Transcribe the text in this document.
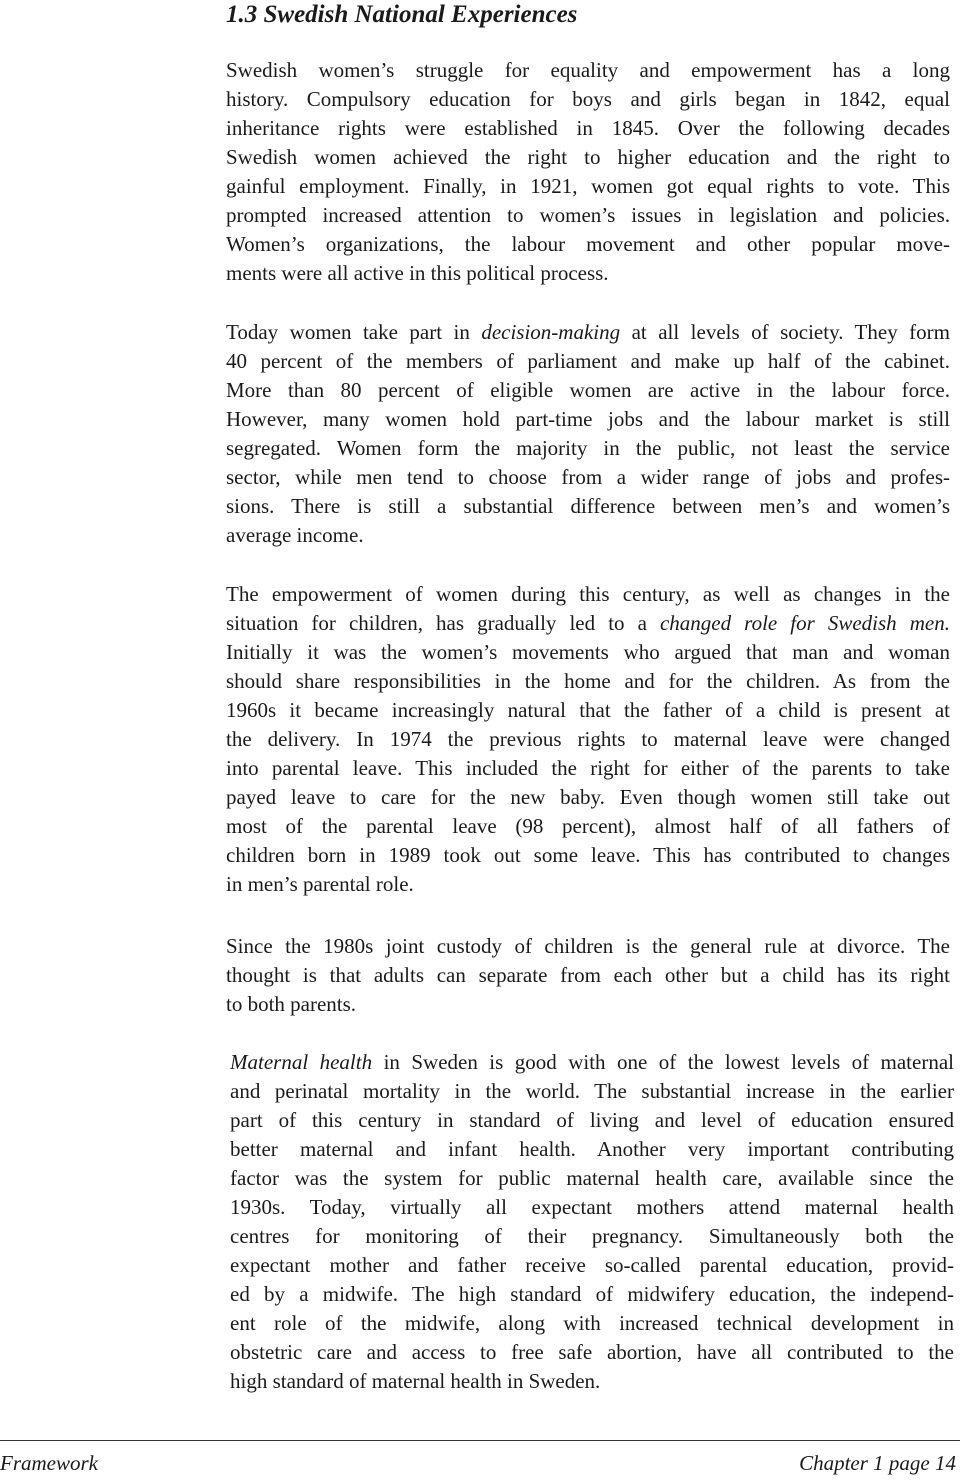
1.3 Swedish National Experiences
Swedish women’s struggle for equality and empowerment has a long
history. Compulsory education for boys and girls began in 1842, equal
inheritance rights were established in 1845. Over the following decades
Swedish women achieved the right to higher education and the right to
gainful employment. Finally, in 1921, women got equal rights to vote. This
prompted increased attention to women’s issues in legislation and policies.
Women’s organizations, the labour movement and other popular move-
ments were all active in this political process.
Today women take part in decision-making at all levels of society. They form
40 percent of the members of parliament and make up half of the cabinet.
More than 80 percent of eligible women are active in the labour force.
However, many women hold part-time jobs and the labour market is still
segregated. Women form the majority in the public, not least the service
sector, while men tend to choose from a wider range of jobs and profes-
sions. There is still a substantial difference between men’s and women’s
average income.
The empowerment of women during this century, as well as changes in the
situation for children, has gradually led to a changed role for Swedish men.
Initially it was the women’s movements who argued that man and woman
should share responsibilities in the home and for the children. As from the
1960s it became increasingly natural that the father of a child is present at
the delivery. In 1974 the previous rights to maternal leave were changed
into parental leave. This included the right for either of the parents to take
payed leave to care for the new baby. Even though women still take out
most of the parental leave (98 percent), almost half of all fathers of
children born in 1989 took out some leave. This has contributed to changes
in men’s parental role.
Since the 1980s joint custody of children is the general rule at divorce. The
thought is that adults can separate from each other but a child has its right
to both parents.
Maternal health in Sweden is good with one of the lowest levels of maternal
and perinatal mortality in the world. The substantial increase in the earlier
part of this century in standard of living and level of education ensured
better maternal and infant health. Another very important contributing
factor was the system for public maternal health care, available since the
1930s. Today, virtually all expectant mothers attend maternal health
centres for monitoring of their pregnancy. Simultaneously both the
expectant mother and father receive so-called parental education, provid-
ed by a midwife. The high standard of midwifery education, the independ-
ent role of the midwife, along with increased technical development in
obstetric care and access to free safe abortion, have all contributed to the
high standard of maternal health in Sweden.
Framework	Chapter 1 page 14
